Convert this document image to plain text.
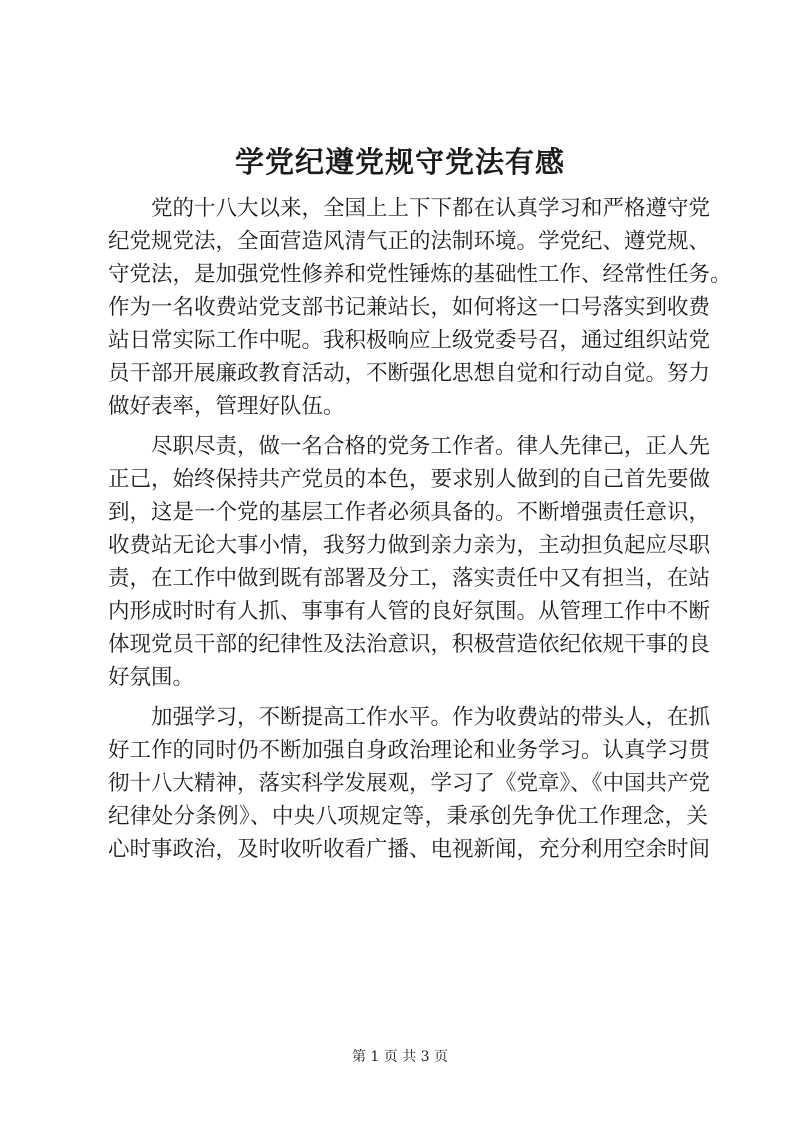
学党纪遵党规守党法有感
党的十八大以来，全国上上下下都在认真学习和严格遵守党
纪党规党法，全面营造风清气正的法制环境。学党纪、遵党规、
守党法，是加强党性修养和党性锤炼的基础性工作、经常性任务。
作为一名收费站党支部书记兼站长，如何将这一口号落实到收费
站日常实际工作中呢。我积极响应上级党委号召，通过组织站党
员干部开展廉政教育活动，不断强化思想自觉和行动自觉。努力
做好表率，管理好队伍。
尽职尽责，做一名合格的党务工作者。律人先律己，正人先
正己，始终保持共产党员的本色，要求别人做到的自己首先要做
到，这是一个党的基层工作者必须具备的。不断增强责任意识，
收费站无论大事小情，我努力做到亲力亲为，主动担负起应尽职
责，在工作中做到既有部署及分工，落实责任中又有担当，在站
内形成时时有人抓、事事有人管的良好氛围。从管理工作中不断
体现党员干部的纪律性及法治意识，积极营造依纪依规干事的良
好氛围。
加强学习，不断提高工作水平。作为收费站的带头人，在抓
好工作的同时仍不断加强自身政治理论和业务学习。认真学习贯
彻十八大精神，落实科学发展观，学习了《党章》、《中国共产党
纪律处分条例》、中央八项规定等，秉承创先争优工作理念，关
心时事政治，及时收听收看广播、电视新闻，充分利用空余时间
第 1 页 共 3 页
